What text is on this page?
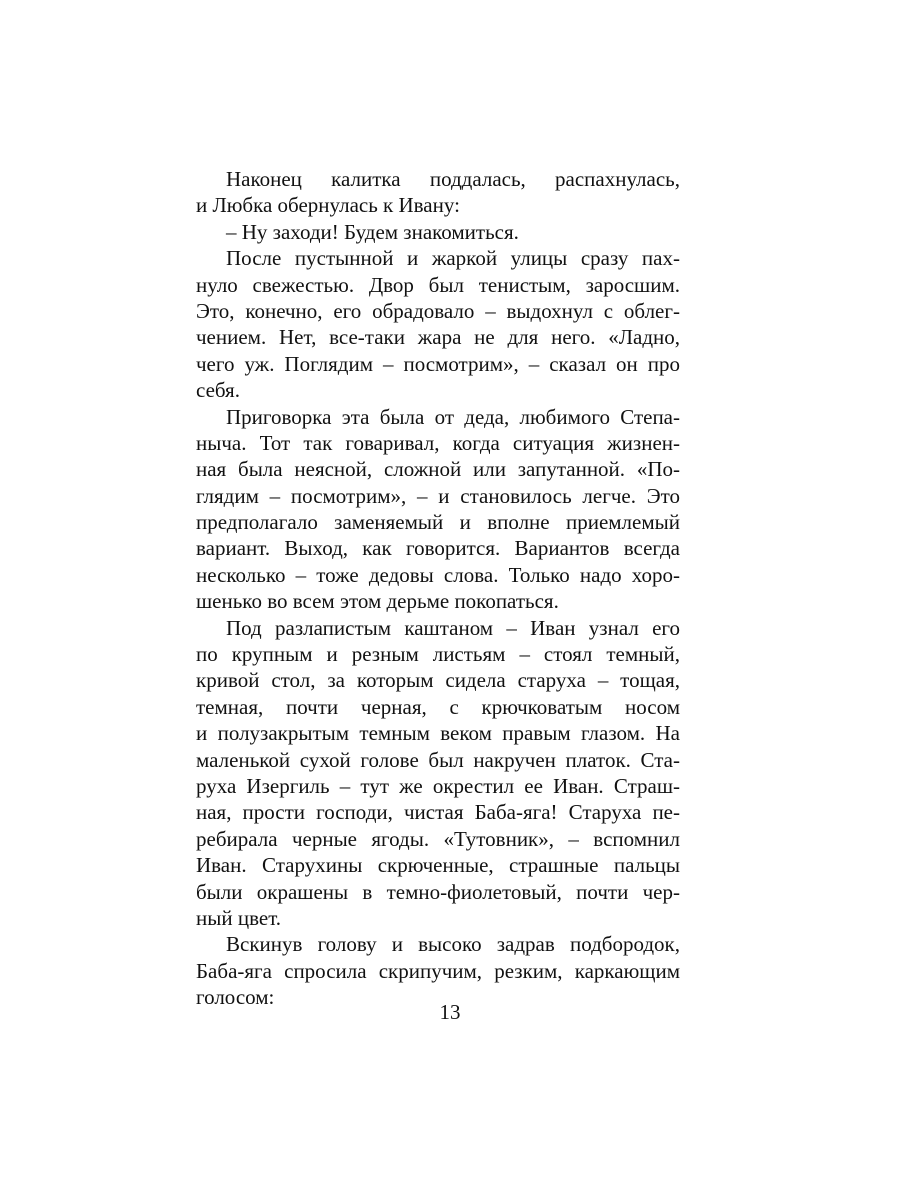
Наконец калитка поддалась, распахнулась,
и Любка обернулась к Ивану:
– Ну заходи! Будем знакомиться.
После пустынной и жаркой улицы сразу пах-
нуло свежестью. Двор был тенистым, заросшим.
Это, конечно, его обрадовало – выдохнул с облег-
чением. Нет, все-таки жара не для него. «Ладно,
чего уж. Поглядим – посмотрим», – сказал он про
себя.
Приговорка эта была от деда, любимого Степа-
ныча. Тот так говаривал, когда ситуация жизнен-
ная была неясной, сложной или запутанной. «По-
глядим – посмотрим», – и становилось легче. Это
предполагало заменяемый и вполне приемлемый
вариант. Выход, как говорится. Вариантов всегда
несколько – тоже дедовы слова. Только надо хоро-
шенько во всем этом дерьме покопаться.
Под разлапистым каштаном – Иван узнал его
по крупным и резным листьям – стоял темный,
кривой стол, за которым сидела старуха – тощая,
темная, почти черная, с крючковатым носом
и полузакрытым темным веком правым глазом. На
маленькой сухой голове был накручен платок. Ста-
руха Изергиль – тут же окрестил ее Иван. Страш-
ная, прости господи, чистая Баба-яга! Старуха пе-
ребирала черные ягоды. «Тутовник», – вспомнил
Иван. Старухины скрюченные, страшные пальцы
были окрашены в темно-фиолетовый, почти чер-
ный цвет.
Вскинув голову и высоко задрав подбородок,
Баба-яга спросила скрипучим, резким, каркающим
голосом:
13
